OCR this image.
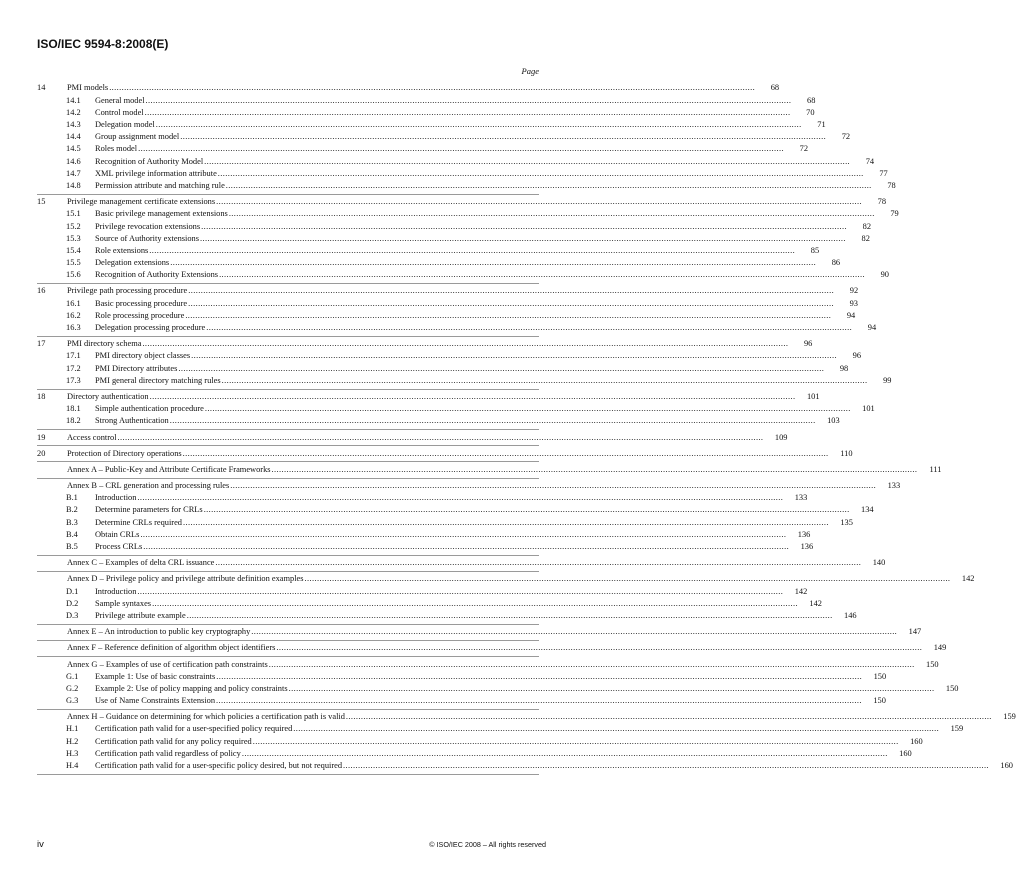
ISO/IEC 9594-8:2008(E)
Page
14	PMI models .....	68
14.1	General model .....	68
14.2	Control model .....	70
14.3	Delegation model .....	71
14.4	Group assignment model .....	72
14.5	Roles model .....	72
14.6	Recognition of Authority Model .....	74
14.7	XML privilege information attribute .....	77
14.8	Permission attribute and matching rule .....	78
15	Privilege management certificate extensions .....	78
15.1	Basic privilege management extensions .....	79
15.2	Privilege revocation extensions .....	82
15.3	Source of Authority extensions .....	82
15.4	Role extensions .....	85
15.5	Delegation extensions .....	86
15.6	Recognition of Authority Extensions .....	90
16	Privilege path processing procedure .....	92
16.1	Basic processing procedure .....	93
16.2	Role processing procedure .....	94
16.3	Delegation processing procedure .....	94
17	PMI directory schema .....	96
17.1	PMI directory object classes .....	96
17.2	PMI Directory attributes .....	98
17.3	PMI general directory matching rules .....	99
18	Directory authentication .....	101
18.1	Simple authentication procedure .....	101
18.2	Strong Authentication .....	103
19	Access control .....	109
20	Protection of Directory operations .....	110
Annex A – Public-Key and Attribute Certificate Frameworks .....	111
Annex B – CRL generation and processing rules .....	133
B.1	Introduction .....	133
B.2	Determine parameters for CRLs .....	134
B.3	Determine CRLs required .....	135
B.4	Obtain CRLs .....	136
B.5	Process CRLs .....	136
Annex C – Examples of delta CRL issuance .....	140
Annex D – Privilege policy and privilege attribute definition examples .....	142
D.1	Introduction .....	142
D.2	Sample syntaxes .....	142
D.3	Privilege attribute example .....	146
Annex E – An introduction to public key cryptography .....	147
Annex F – Reference definition of algorithm object identifiers .....	149
Annex G – Examples of use of certification path constraints .....	150
G.1	Example 1: Use of basic constraints .....	150
G.2	Example 2: Use of policy mapping and policy constraints .....	150
G.3	Use of Name Constraints Extension .....	150
Annex H – Guidance on determining for which policies a certification path is valid .....	159
H.1	Certification path valid for a user-specified policy required .....	159
H.2	Certification path valid for any policy required .....	160
H.3	Certification path valid regardless of policy .....	160
H.4	Certification path valid for a user-specific policy desired, but not required .....	160
iv	© ISO/IEC 2008 – All rights reserved
